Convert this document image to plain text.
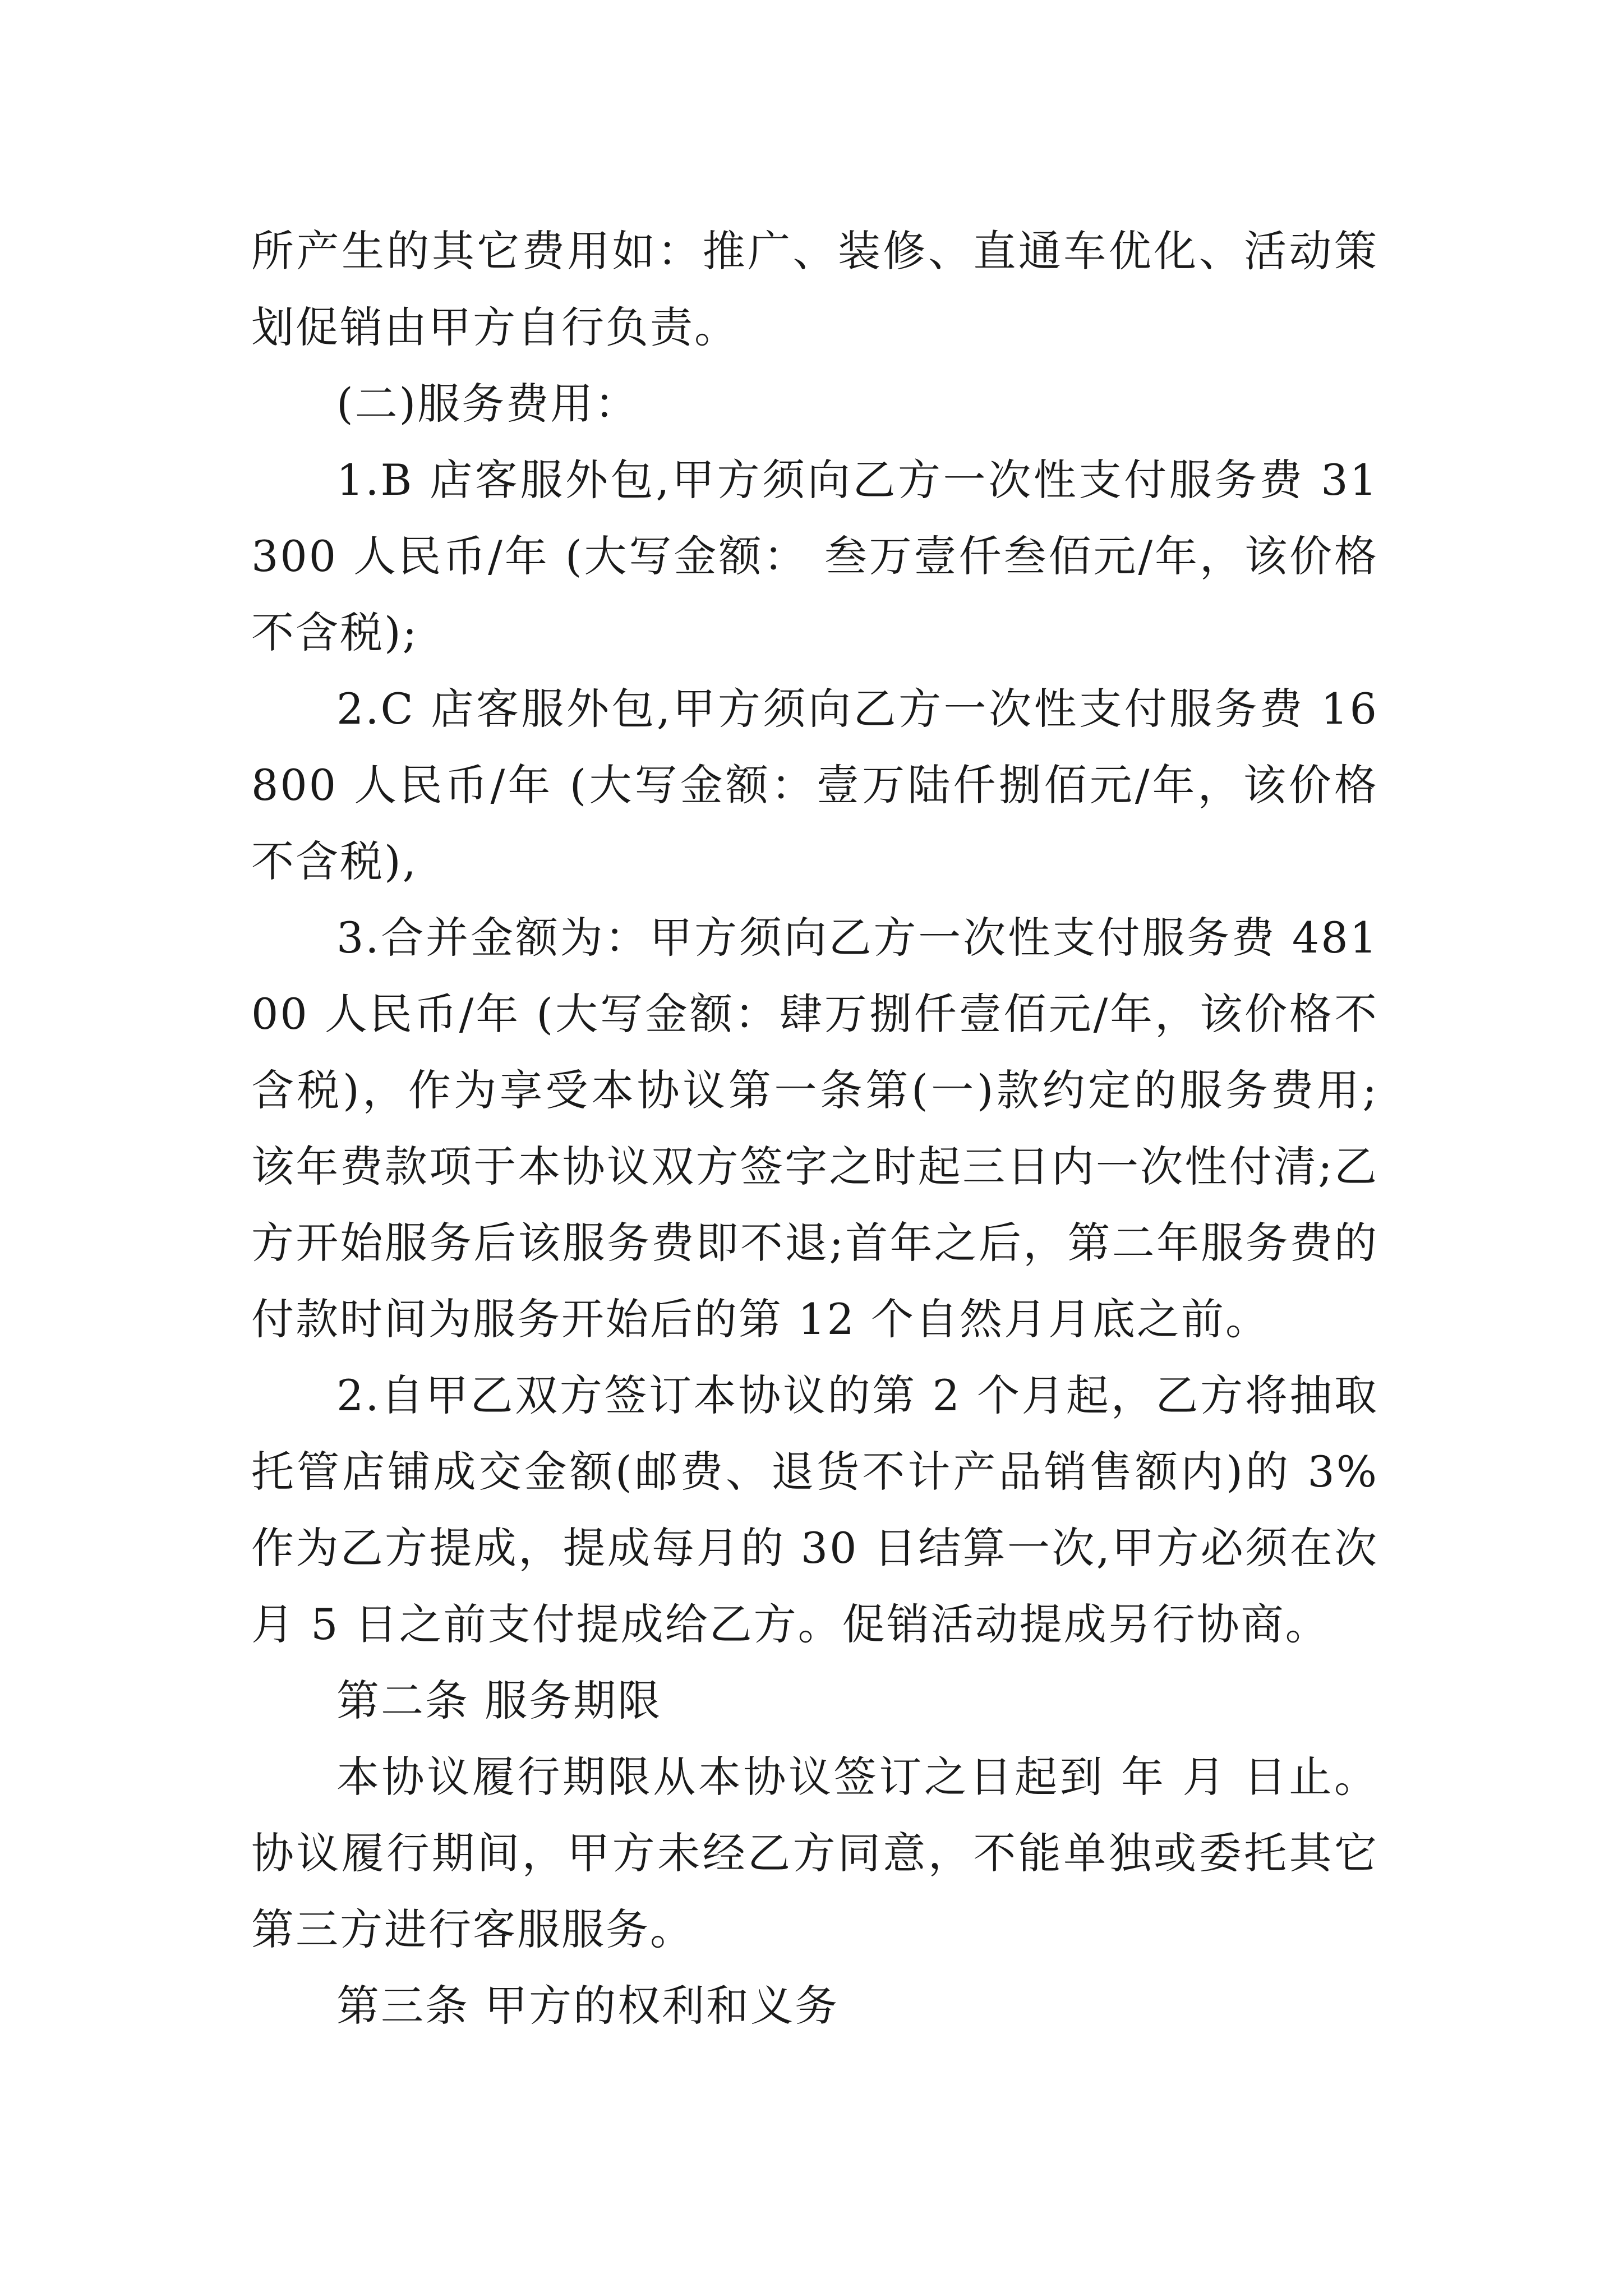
所产生的其它费用如：推广、装修、直通车优化、活动策划促销由甲方自行负责。

(二)服务费用：

1.B 店客服外包,甲方须向乙方一次性支付服务费 31300 人民币/年 (大写金额： 叁万壹仟叁佰元/年，该价格不含税);

2.C 店客服外包,甲方须向乙方一次性支付服务费 16800 人民币/年 (大写金额：壹万陆仟捌佰元/年，该价格不含税),

3.合并金额为：甲方须向乙方一次性支付服务费 48100 人民币/年 (大写金额：肆万捌仟壹佰元/年，该价格不含税)，作为享受本协议第一条第(一)款约定的服务费用;该年费款项于本协议双方签字之时起三日内一次性付清;乙方开始服务后该服务费即不退;首年之后，第二年服务费的付款时间为服务开始后的第 12 个自然月月底之前。

2.自甲乙双方签订本协议的第 2 个月起，乙方将抽取托管店铺成交金额(邮费、退货不计产品销售额内)的 3%作为乙方提成，提成每月的 30 日结算一次,甲方必须在次月 5 日之前支付提成给乙方。促销活动提成另行协商。

第二条 服务期限

本协议履行期限从本协议签订之日起到 年 月 日止。协议履行期间，甲方未经乙方同意，不能单独或委托其它第三方进行客服服务。

第三条 甲方的权利和义务
